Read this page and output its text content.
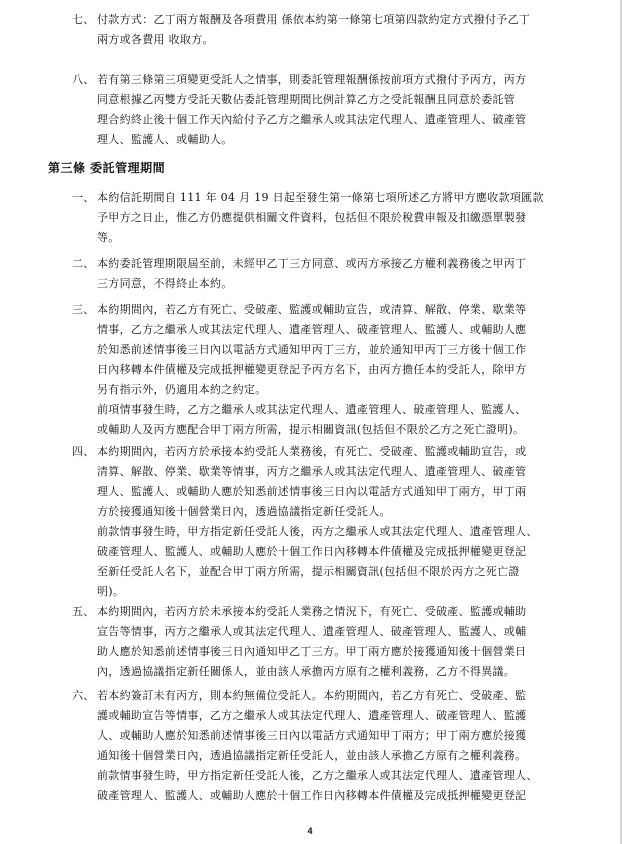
七、 付款方式：乙丁兩方報酬及各項費用 係依本約第一條第七項第四款約定方式撥付予乙丁

兩方或各費用 收取方。

八、 若有第三條第三項變更受託人之情事，則委託管理報酬係按前項方式撥付予丙方，丙方

同意根據乙丙雙方受託天數佔委託管理期間比例計算乙方之受託報酬且同意於委託管

理合約終止後十個工作天內給付予乙方之繼承人或其法定代理人、遺產管理人、破產管

理人、監護人、或輔助人。

第三條 委託管理期間
一、 本約信託期間自 111 年 04 月 19 日起至發生第一條第七項所述乙方將甲方應收款項匯款

予甲方之日止，惟乙方仍應提供相關文件資料，包括但不限於稅費申報及扣繳憑單製發

等。

二、 本約委託管理期限屆至前，未經甲乙丁三方同意、或丙方承接乙方權利義務後之甲丙丁

三方同意，不得終止本約。

三、 本約期間內，若乙方有死亡、受破產、監護或輔助宣告，或清算、解散、停業、歇業等

情事，乙方之繼承人或其法定代理人、遺產管理人、破產管理人、監護人、或輔助人應

於知悉前述情事後三日內以電話方式通知甲丙丁三方，並於通知甲丙丁三方後十個工作

日內移轉本件債權及完成抵押權變更登記予丙方名下，由丙方擔任本約受託人，除甲方

另有指示外，仍適用本約之約定。

前項情事發生時，乙方之繼承人或其法定代理人、遺產管理人、破產管理人、監護人、

或輔助人及丙方應配合甲丁兩方所需，提示相關資訊(包括但不限於乙方之死亡證明)。

四、 本約期間內，若丙方於承接本約受託人業務後，有死亡、受破產、監護或輔助宣告，或

清算、解散、停業、歇業等情事，丙方之繼承人或其法定代理人、遺產管理人、破產管

理人、監護人、或輔助人應於知悉前述情事後三日內以電話方式通知甲丁兩方，甲丁兩

方於接獲通知後十個營業日內，透過協議指定新任受託人。

前款情事發生時，甲方指定新任受託人後，丙方之繼承人或其法定代理人、遺產管理人、

破產管理人、監護人、或輔助人應於十個工作日內移轉本件債權及完成抵押權變更登記

至新任受託人名下，並配合甲丁兩方所需，提示相關資訊(包括但不限於丙方之死亡證

明)。

五、 本約期間內，若丙方於未承接本約受託人業務之情況下，有死亡、受破產、監護或輔助

宣告等情事，丙方之繼承人或其法定代理人、遺產管理人、破產管理人、監護人、或輔

助人應於知悉前述情事後三日內通知甲乙丁三方。甲丁兩方應於接獲通知後十個營業日

內，透過協議指定新任關係人，並由該人承擔丙方原有之權利義務，乙方不得異議。

六、 若本約簽訂未有丙方，則本約無備位受託人。本約期間內，若乙方有死亡、受破產、監

護或輔助宣告等情事，乙方之繼承人或其法定代理人、遺產管理人、破產管理人、監護

人、或輔助人應於知悉前述情事後三日內以電話方式通知甲丁兩方；甲丁兩方應於接獲

通知後十個營業日內，透過協議指定新任受託人，並由該人承擔乙方原有之權利義務。

前款情事發生時，甲方指定新任受託人後，乙方之繼承人或其法定代理人、遺產管理人、

破產管理人、監護人、或輔助人應於十個工作日內移轉本件債權及完成抵押權變更登記

4
